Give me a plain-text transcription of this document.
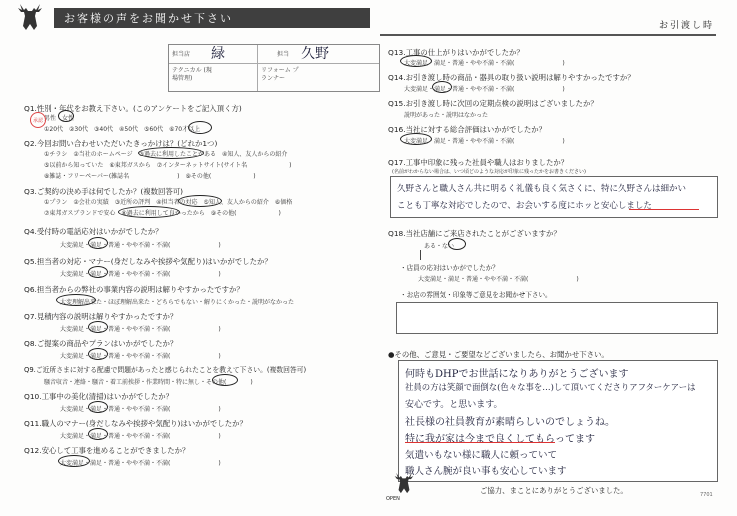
お客様の声をお聞かせ下さい
お引渡し時
担当店 緑	担当 久野
テクニカル (現場管理)
リフォーム プランナー
Q1.性別・年代をお教え下さい。(このアンケートをご記入頂く方)
男性　女性
①20代　②30代　③40代　④50代　⑤60代　⑥70才以上
承認
Q2.今回お問い合わせいただいたきっかけは？(どれか1つ)
①チラシ　②当社のホームページ　③過去に利用したことがある　④知人、友人からの紹介
⑤以前から知っていた　⑥東邦ガスから　⑦インターネットサイト(サイト名　　　　　　　)
⑧雑誌・フリーペーパー(雑誌名　　　　　　　　)　⑨その他(　　　　　　　)
Q3.ご契約の決め手は何でしたか？(複数回答可)
①プラン　②会社の実績　③近所の評判　④担当者の対応　⑤知人、友人からの紹介　⑥価格
⑦東邦ガスブランドで安心　⑧過去に利用して良かったから　⑨その他(　　　　　　　)
Q4.受付時の電話応対はいかがでしたか？
大変満足・満足・普通・やや不満・不満(　　　　　　　　)
Q5.担当者の対応・マナー(身だしなみや挨拶や気配り)はいかがでしたか？
大変満足・満足・普通・やや不満・不満(　　　　　　　　)
Q6.担当者からの弊社の事業内容の説明は解りやすかったですか？
大変理解出来た・ほぼ理解出来た・どちらでもない・解りにくかった・説明がなかった
Q7.見積内容の説明は解りやすかったですか？
大変満足・満足・普通・やや不満・不満(　　　　　　　　)
Q8.ご提案の商品やプランはいかがでしたか？
大変満足・満足・普通・やや不満・不満(　　　　　　　　)
Q9.ご近所さまに対する配慮で問題があったと感じられたことを教えて下さい。(複数回答可)
騒音収音・連絡・騒音・着工前挨拶・作業時間・特に無し・その他(　　　　)
Q10.工事中の美化(清掃)はいかがでしたか？
大変満足・満足・普通・やや不満・不満(　　　　　　　　)
Q11.職人のマナー(身だしなみや挨拶や気配り)はいかがでしたか？
大変満足・満足・普通・やや不満・不満(　　　　　　　　)
Q12.安心して工事を進めることができましたか？
大変満足・満足・普通・やや不満・不満(　　　　　　　　)
Q13.工事の仕上がりはいかがでしたか？
大変満足・満足・普通・やや不満・不満(　　　　　　　　)
Q14.お引き渡し時の商品・器具の取り扱い説明は解りやすかったですか？
大変満足・満足・普通・やや不満・不満(　　　　　　　　)
Q15.お引き渡し時に次回の定期点検の説明はございましたか？
説明があった・説明はなかった
Q16.当社に対する総合評価はいかがでしたか？
大変満足・満足・普通・やや不満・不満(　　　　　　　　)
Q17.工事中印象に残った社員や職人はおりましたか？
(名前がわからない場合は、いつ頃どのような対応が印象に残ったかをお書きください)
久野さんと職人さん共に明るく礼儀も良く気さくに、特に久野さんは細かい
ことも丁寧な対応でしたので、お会いする度にホッと安心しました
Q18.当社店舗にご来店されたことがございますか？
ある・ない
・店員の応対はいかがでしたか？
大変満足・満足・普通・やや不満・不満(　　　　　　　　)
・お店の雰囲気・印象等ご意見をお聞かせ下さい。
●その他、ご意見・ご要望などございましたら、お聞かせ下さい。
何時もDHPでお世話になりありがとうございます
社員の方は笑顔で面倒な(色々な事を…)して頂いてくださりアフターケアーは
安心です。と思います。
社長様の社員教育が素晴らしいのでしょうね。
特に我が家は今まで良くしてもらってます
気遣いもない様に職人に頼っていて
職人さん腕が良い事も安心しています
OPEN
ご協力、まことにありがとうございました。	7701
